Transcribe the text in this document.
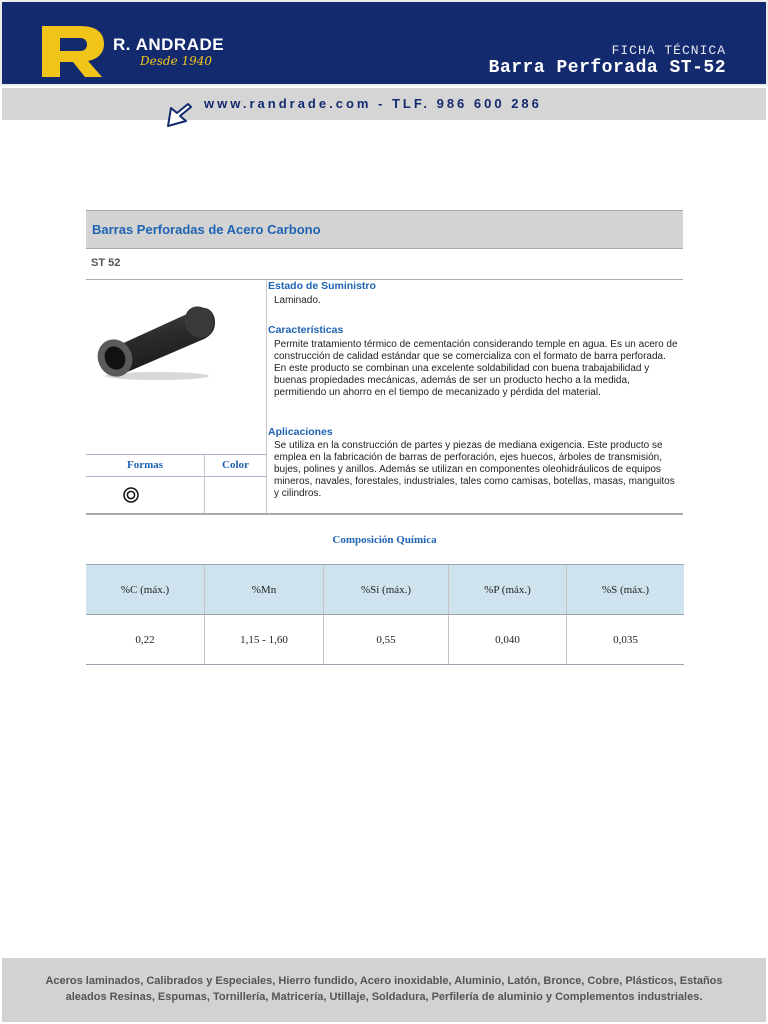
R. ANDRADE
Desde 1940
FICHA TÉCNICA
Barra Perforada ST-52
www.randrade.com - TLF. 986 600 286
Barras Perforadas de Acero Carbono
ST 52
Formas	Color
Estado de Suministro
Laminado.
Características
Permite tratamiento térmico de cementación considerando temple en agua. Es un acero de construcción de calidad estándar que se comercializa con el formato de barra perforada. En este producto se combinan una excelente soldabilidad con buena trabajabilidad y buenas propiedades mecánicas, además de ser un producto hecho a la medida, permitiendo un ahorro en el tiempo de mecanizado y pérdida del material.
Aplicaciones
Se utiliza en la construcción de partes y piezas de mediana exigencia. Este producto se emplea en la fabricación de barras de perforación, ejes huecos, árboles de transmisión, bujes, polines y anillos. Además se utilizan en componentes oleohidráulicos de equipos mineros, navales, forestales, industriales, tales como camisas, botellas, masas, manguitos y cilindros.
Composición Química
%C (máx.)	%Mn	%Si (máx.)	%P (máx.)	%S (máx.)
0,22	1,15 - 1,60	0,55	0,040	0,035
Aceros laminados, Calibrados y Especiales, Hierro fundido, Acero inoxidable, Aluminio, Latón, Bronce, Cobre, Plásticos, Estaños
aleados Resinas, Espumas, Tornillería, Matricería, Utillaje, Soldadura, Perfilería de aluminio y Complementos industriales.
